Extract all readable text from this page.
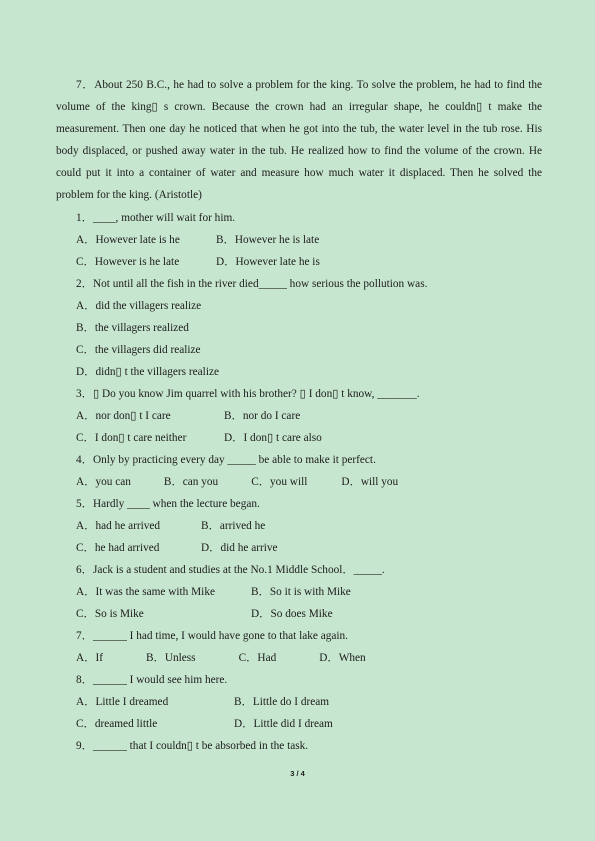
7．About 250 B.C., he had to solve a problem for the king. To solve the problem, he had to find the volume of the king▯ s crown. Because the crown had an irregular shape, he couldn▯ t make the measurement. Then one day he noticed that when he got into the tub, the water level in the tub rose. His body displaced, or pushed away water in the tub. He realized how to find the volume of the crown. He could put it into a container of water and measure how much water it displaced. Then he solved the problem for the king. (Aristotle)

1．____, mother will wait for him.
A．However late is he	B．However he is late
C．However is he late	D．However late he is
2．Not until all the fish in the river died_____ how serious the pollution was.
A．did the villagers realize
B．the villagers realized
C．the villagers did realize
D．didn▯ t the villagers realize
3．▯ Do you know Jim quarrel with his brother? ▯ I don▯ t know, _______.
A．nor don▯ t I care	B．nor do I care
C．I don▯ t care neither	D．I don▯ t care also
4．Only by practicing every day _____ be able to make it perfect.
A．you can	B．can you	C．you will	D．will you
5．Hardly ____ when the lecture began.
A．had he arrived	B．arrived he
C．he had arrived	D．did he arrive
6．Jack is a student and studies at the No.1 Middle School．_____.
A．It was the same with Mike	B．So it is with Mike
C．So is Mike	D．So does Mike
7．______ I had time, I would have gone to that lake again.
A．If	B．Unless	C．Had	D．When
8．______ I would see him here.
A．Little I dreamed	B．Little do I dream
C．dreamed little	D．Little did I dream
9．______ that I couldn▯ t be absorbed in the task.
3 / 4
